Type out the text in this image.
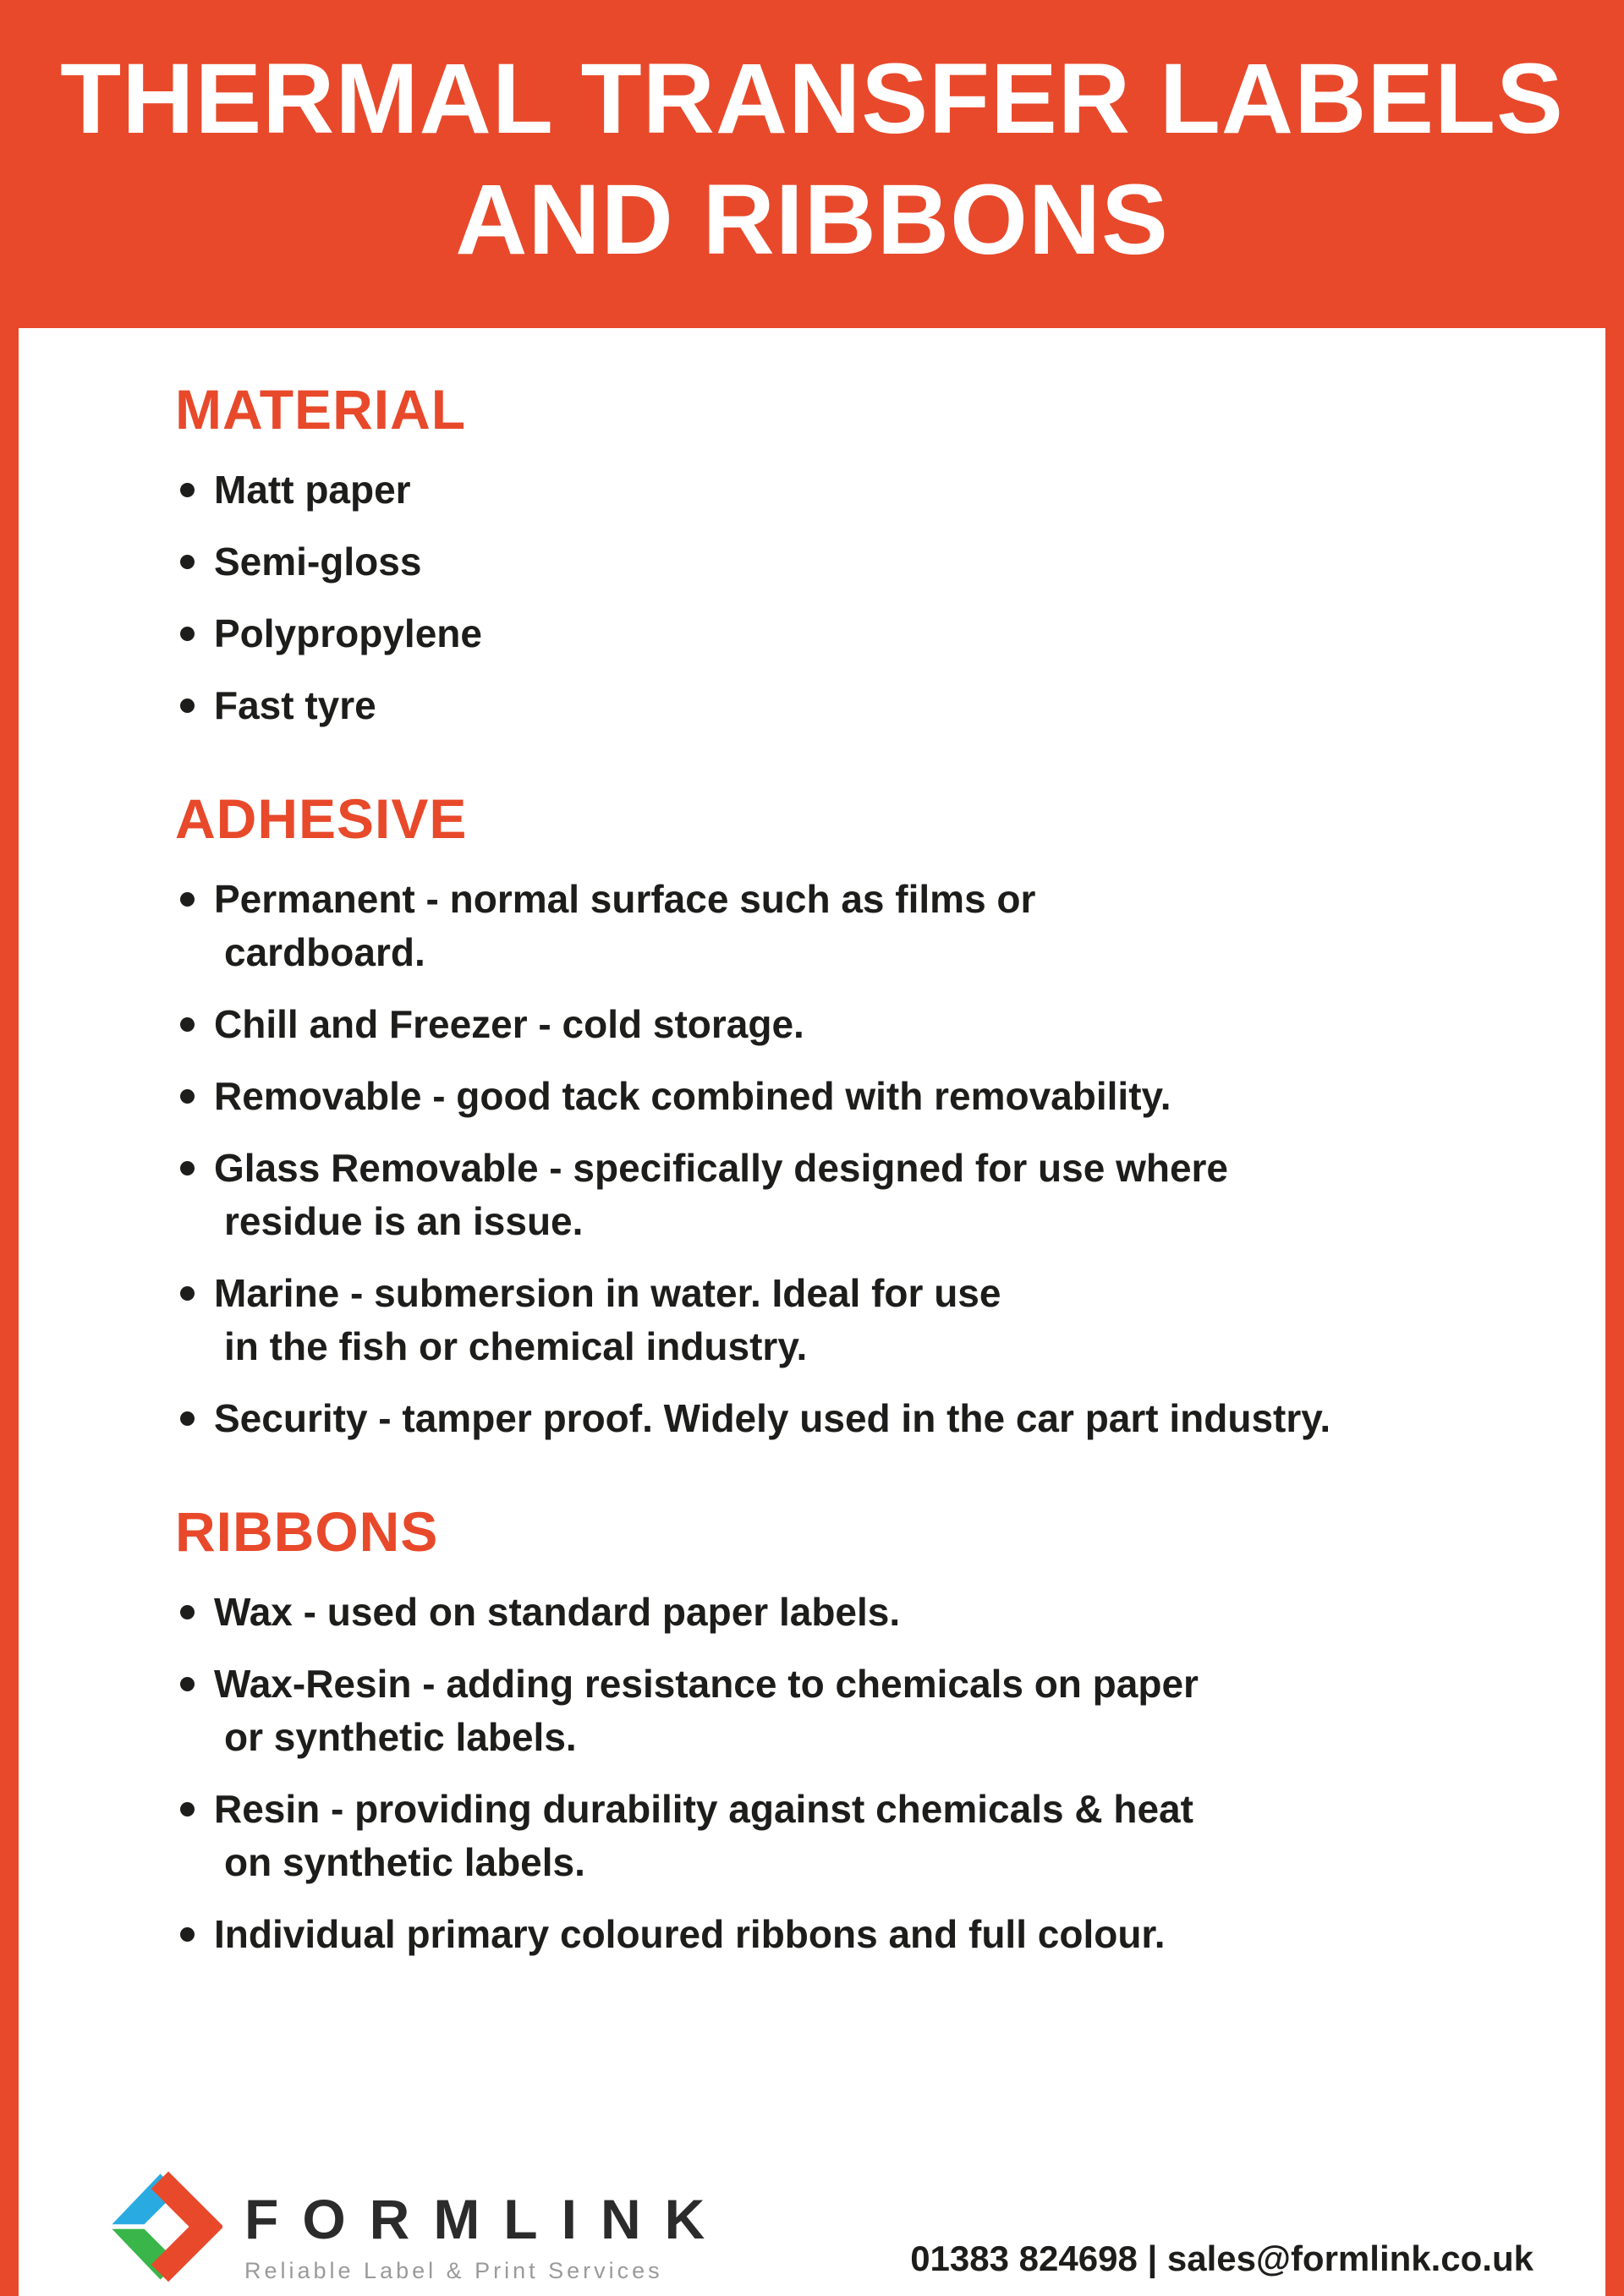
THERMAL TRANSFER LABELS
AND RIBBONS
MATERIAL
Matt paper
Semi-gloss
Polypropylene
Fast tyre
ADHESIVE
Permanent - normal surface such as films or
cardboard.
Chill and Freezer - cold storage.
Removable - good tack combined with removability.
Glass Removable - specifically designed for use where
residue is an issue.
Marine - submersion in water. Ideal for use
in the fish or chemical industry.
Security - tamper proof. Widely used in the car part industry.
RIBBONS
Wax - used on standard paper labels.
Wax-Resin - adding resistance to chemicals on paper
or synthetic labels.
Resin - providing durability against chemicals & heat
on synthetic labels.
Individual primary coloured ribbons and full colour.
FORMLINK
Reliable Label & Print Services	01383 824698 | sales@formlink.co.uk
